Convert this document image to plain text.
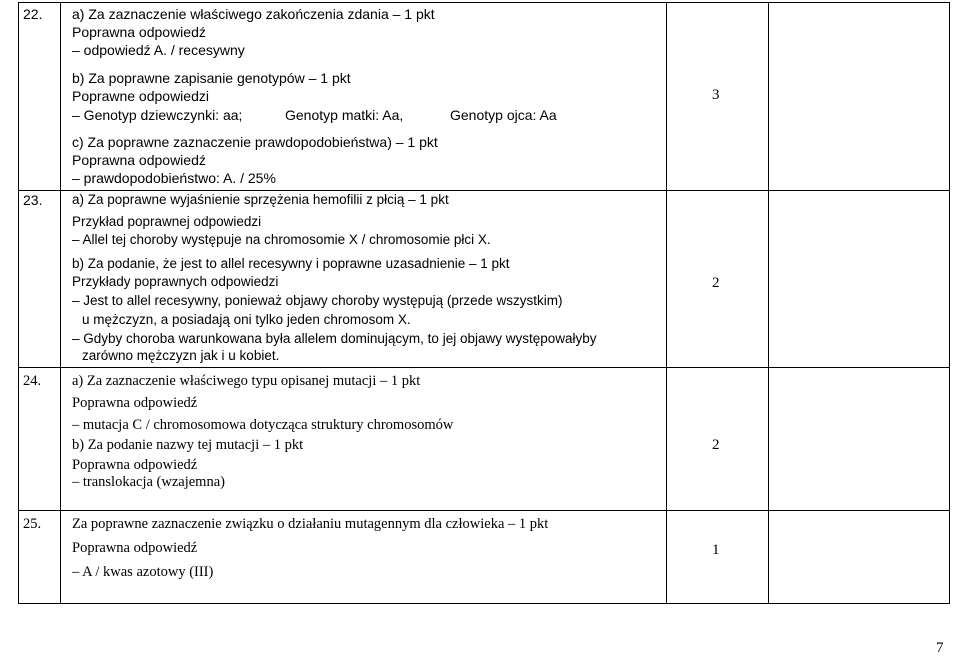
22. a) Za zaznaczenie właściwego zakończenia zdania – 1 pkt
Poprawna odpowiedź
– odpowiedź A. / recesywny
b) Za poprawne zapisanie genotypów – 1 pkt
Poprawne odpowiedzi
– Genotyp dziewczynki: aa;	Genotyp matki: Aa,	Genotyp ojca: Aa
c) Za poprawne zaznaczenie prawdopodobieństwa) – 1 pkt
Poprawna odpowiedź
– prawdopodobieństwo: A. / 25%
3
23. a) Za poprawne wyjaśnienie sprzężenia hemofilii z płcią – 1 pkt
Przykład poprawnej odpowiedzi
– Allel tej choroby występuje na chromosomie X / chromosomie płci X.
b) Za podanie, że jest to allel recesywny i poprawne uzasadnienie – 1 pkt
Przykłady poprawnych odpowiedzi
– Jest to allel recesywny, ponieważ objawy choroby występują (przede wszystkim)
u mężczyzn, a posiadają oni tylko jeden chromosom X.
– Gdyby choroba warunkowana była allelem dominującym, to jej objawy występowałyby
zarówno mężczyzn jak i u kobiet.
2
24. a) Za zaznaczenie właściwego typu opisanej mutacji – 1 pkt
Poprawna odpowiedź
– mutacja C / chromosomowa dotycząca struktury chromosomów
b) Za podanie nazwy tej mutacji – 1 pkt
Poprawna odpowiedź
– translokacja (wzajemna)
2
25. Za poprawne zaznaczenie związku o działaniu mutagennym dla człowieka – 1 pkt
Poprawna odpowiedź
– A / kwas azotowy (III)
1
7
